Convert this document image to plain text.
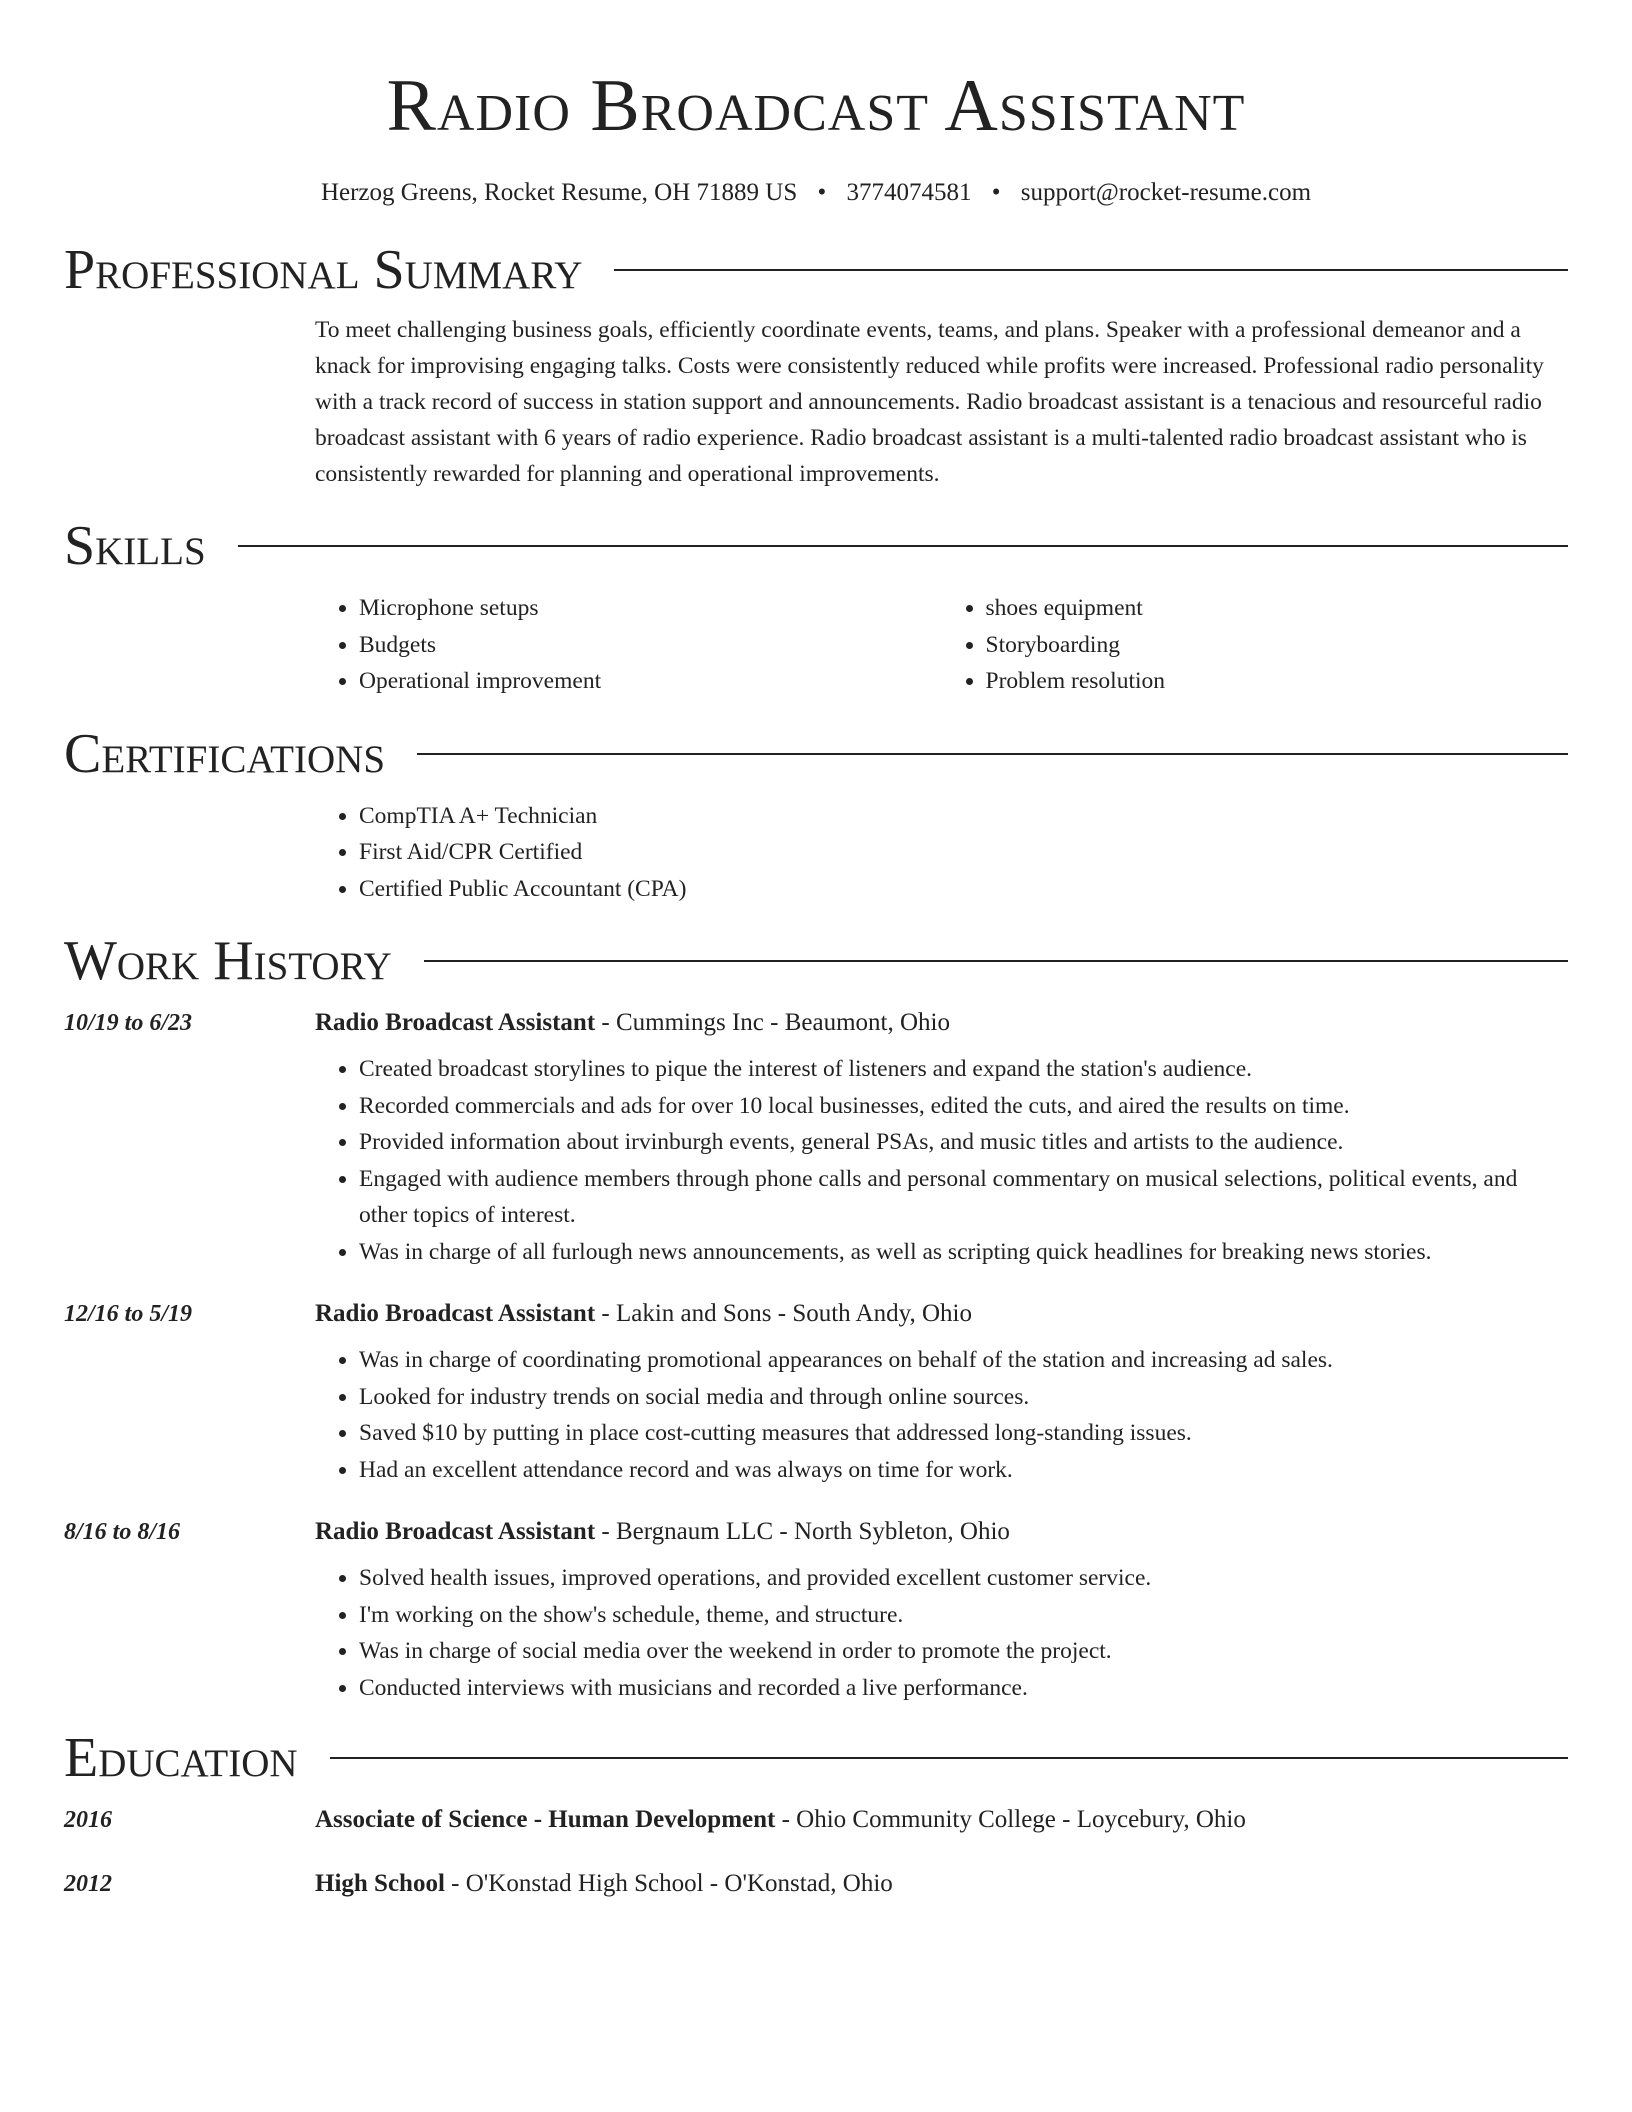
Radio Broadcast Assistant
Herzog Greens, Rocket Resume, OH 71889 US • 3774074581 • support@rocket-resume.com
Professional Summary
To meet challenging business goals, efficiently coordinate events, teams, and plans. Speaker with a professional demeanor and a knack for improvising engaging talks. Costs were consistently reduced while profits were increased. Professional radio personality with a track record of success in station support and announcements. Radio broadcast assistant is a tenacious and resourceful radio broadcast assistant with 6 years of radio experience. Radio broadcast assistant is a multi-talented radio broadcast assistant who is consistently rewarded for planning and operational improvements.
Skills
• Microphone setups
• Budgets
• Operational improvement
• shoes equipment
• Storyboarding
• Problem resolution
Certifications
• CompTIA A+ Technician
• First Aid/CPR Certified
• Certified Public Accountant (CPA)
Work History
10/19 to 6/23	Radio Broadcast Assistant - Cummings Inc - Beaumont, Ohio
• Created broadcast storylines to pique the interest of listeners and expand the station's audience.
• Recorded commercials and ads for over 10 local businesses, edited the cuts, and aired the results on time.
• Provided information about irvinburgh events, general PSAs, and music titles and artists to the audience.
• Engaged with audience members through phone calls and personal commentary on musical selections, political events, and other topics of interest.
• Was in charge of all furlough news announcements, as well as scripting quick headlines for breaking news stories.
12/16 to 5/19	Radio Broadcast Assistant - Lakin and Sons - South Andy, Ohio
• Was in charge of coordinating promotional appearances on behalf of the station and increasing ad sales.
• Looked for industry trends on social media and through online sources.
• Saved $10 by putting in place cost-cutting measures that addressed long-standing issues.
• Had an excellent attendance record and was always on time for work.
8/16 to 8/16	Radio Broadcast Assistant - Bergnaum LLC - North Sybleton, Ohio
• Solved health issues, improved operations, and provided excellent customer service.
• I'm working on the show's schedule, theme, and structure.
• Was in charge of social media over the weekend in order to promote the project.
• Conducted interviews with musicians and recorded a live performance.
Education
2016	Associate of Science - Human Development - Ohio Community College - Loycebury, Ohio
2012	High School - O'Konstad High School - O'Konstad, Ohio
